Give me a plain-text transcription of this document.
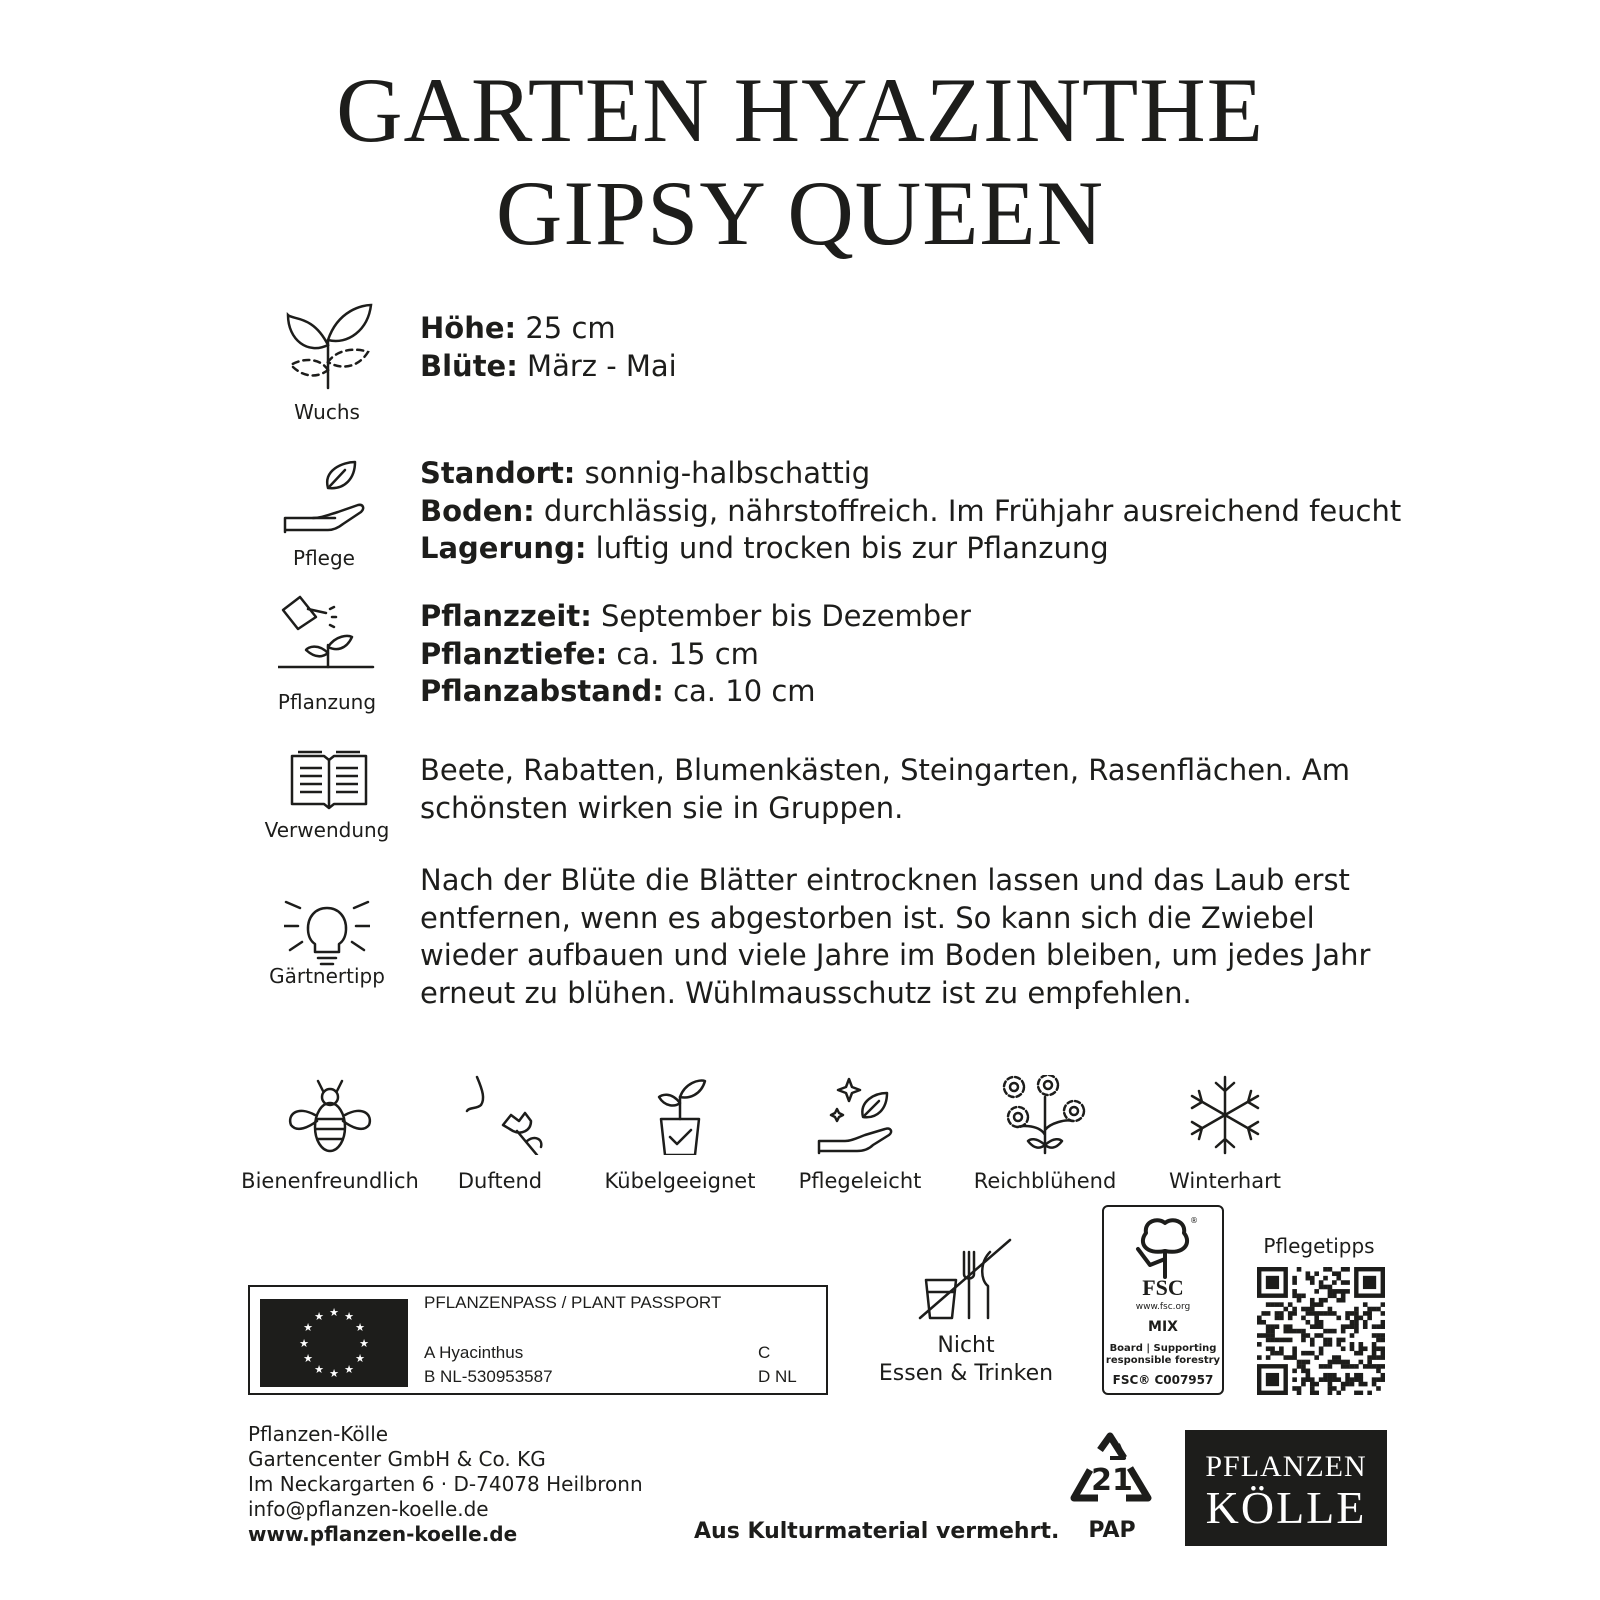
GARTEN HYAZINTHE
GIPSY QUEEN
Wuchs
Höhe: 25 cm
Blüte: März - Mai
Pflege
Standort: sonnig-halbschattig
Boden: durchlässig, nährstoffreich. Im Frühjahr ausreichend feucht
Lagerung: luftig und trocken bis zur Pflanzung
Pflanzung
Pflanzzeit: September bis Dezember
Pflanztiefe: ca. 15 cm
Pflanzabstand: ca. 10 cm
Verwendung
Beete, Rabatten, Blumenkästen, Steingarten, Rasenflächen. Am
schönsten wirken sie in Gruppen.
Gärtnertipp
Nach der Blüte die Blätter eintrocknen lassen und das Laub erst
entfernen, wenn es abgestorben ist. So kann sich die Zwiebel
wieder aufbauen und viele Jahre im Boden bleiben, um jedes Jahr
erneut zu blühen. Wühlmausschutz ist zu empfehlen.
Bienenfreundlich	Duftend	Kübelgeeignet	Pflegeleicht	Reichblühend	Winterhart
★ ★
★
★
★
★
★
★
★
★
★
★
PFLANZENPASS / PLANT PASSPORT
A Hyacinthus
B NL-530953587
C
D NL
Nicht
Essen & Trinken
®
FSC
www.fsc.org
MIX
Board | Supporting
responsible forestry
FSC® C007957
Pflegetipps
Pflanzen-Kölle
Gartencenter GmbH & Co. KG
Im Neckargarten 6 · D-74078 Heilbronn
info@pflanzen-koelle.de
www.pflanzen-koelle.de	Aus Kulturmaterial vermehrt.
21
PAP
PFLANZEN
KÖLLE
